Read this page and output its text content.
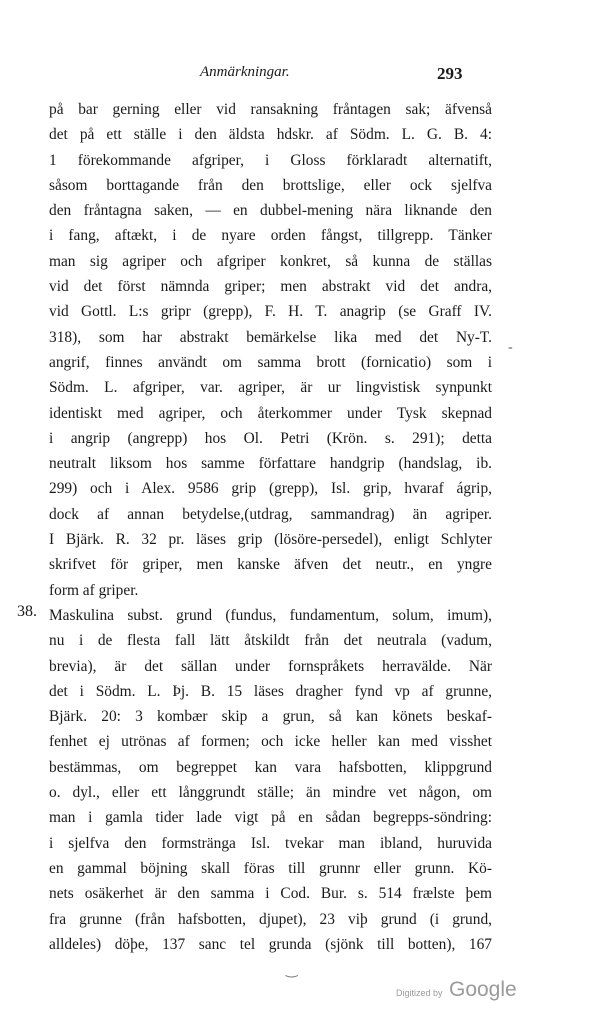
Anmärkningar.	293
på bar gerning eller vid ransakning fråntagen sak; äfvenså
det på ett ställe i den äldsta hdskr. af Södm. L. G. B. 4:
1 förekommande afgriper, i Gloss förklaradt alternatift,
såsom borttagande från den brottslige, eller ock sjelfva
den fråntagna saken, — en dubbel-mening nära liknande den
i fang, aftækt, i de nyare orden fångst, tillgrepp. Tänker
man sig agriper och afgriper konkret, så kunna de ställas
vid det först nämnda griper; men abstrakt vid det andra,
vid Gottl. L:s gripr (grepp), F. H. T. anagrip (se Graff IV.
318), som har abstrakt bemärkelse lika med det Ny-T.
angrif, finnes användt om samma brott (fornicatio) som i
Södm. L. afgriper, var. agriper, är ur lingvistisk synpunkt
identiskt med agriper, och återkommer under Tysk skepnad
i angrip (angrepp) hos Ol. Petri (Krön. s. 291); detta
neutralt liksom hos samme författare handgrip (handslag, ib.
299) och i Alex. 9586 grip (grepp), Isl. grip, hvaraf ágrip,
dock af annan betydelse,(utdrag, sammandrag) än agriper.
I Bjärk. R. 32 pr. läses grip (lösöre-persedel), enligt Schlyter
skrifvet för griper, men kanske äfven det neutr., en yngre
form af griper.
38. Maskulina subst. grund (fundus, fundamentum, solum, imum),
nu i de flesta fall lätt åtskildt från det neutrala (vadum,
brevia), är det sällan under fornspråkets herravälde. När
det i Södm. L. Þj. B. 15 läses dragher fynd vp af grunne,
Bjärk. 20: 3 kombær skip a grun, så kan könets beskaf-
fenhet ej utrönas af formen; och icke heller kan med visshet
bestämmas, om begreppet kan vara hafsbotten, klippgrund
o. dyl., eller ett långgrundt ställe; än mindre vet någon, om
man i gamla tider lade vigt på en sådan begrepps-söndring:
i sjelfva den formstränga Isl. tvekar man ibland, huruvida
en gammal böjning skall föras till grunnr eller grunn. Kö-
nets osäkerhet är den samma i Cod. Bur. s. 514 frælste þem
fra grunne (från hafsbotten, djupet), 23 viþ grund (i grund,
alldeles) döþe, 137 sanc tel grunda (sjönk till botten), 167
-
‿
Digitized by Google
